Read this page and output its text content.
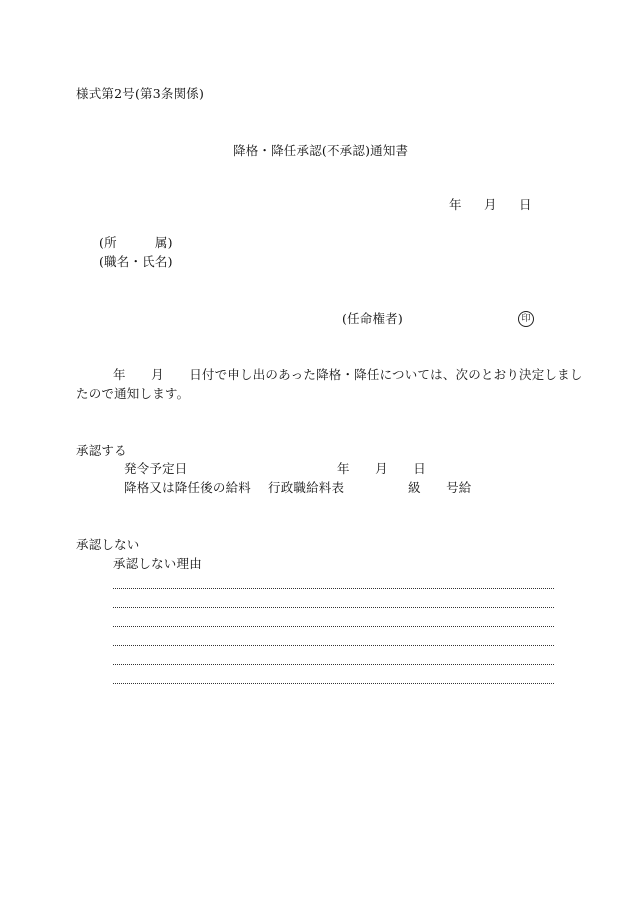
様式第2号(第3条関係)
降格・降任承認(不承認)通知書
年 月 日
(所　　　属)
(職名・氏名)
(任命権者)	印
年　　月　　日付で申し出のあった降格・降任については、次のとおり決定しまし
たので通知します。
承認する
発令予定日	年　　月　　日
降格又は降任後の給料 行政職給料表	級　　号給
承認しない
承認しない理由
